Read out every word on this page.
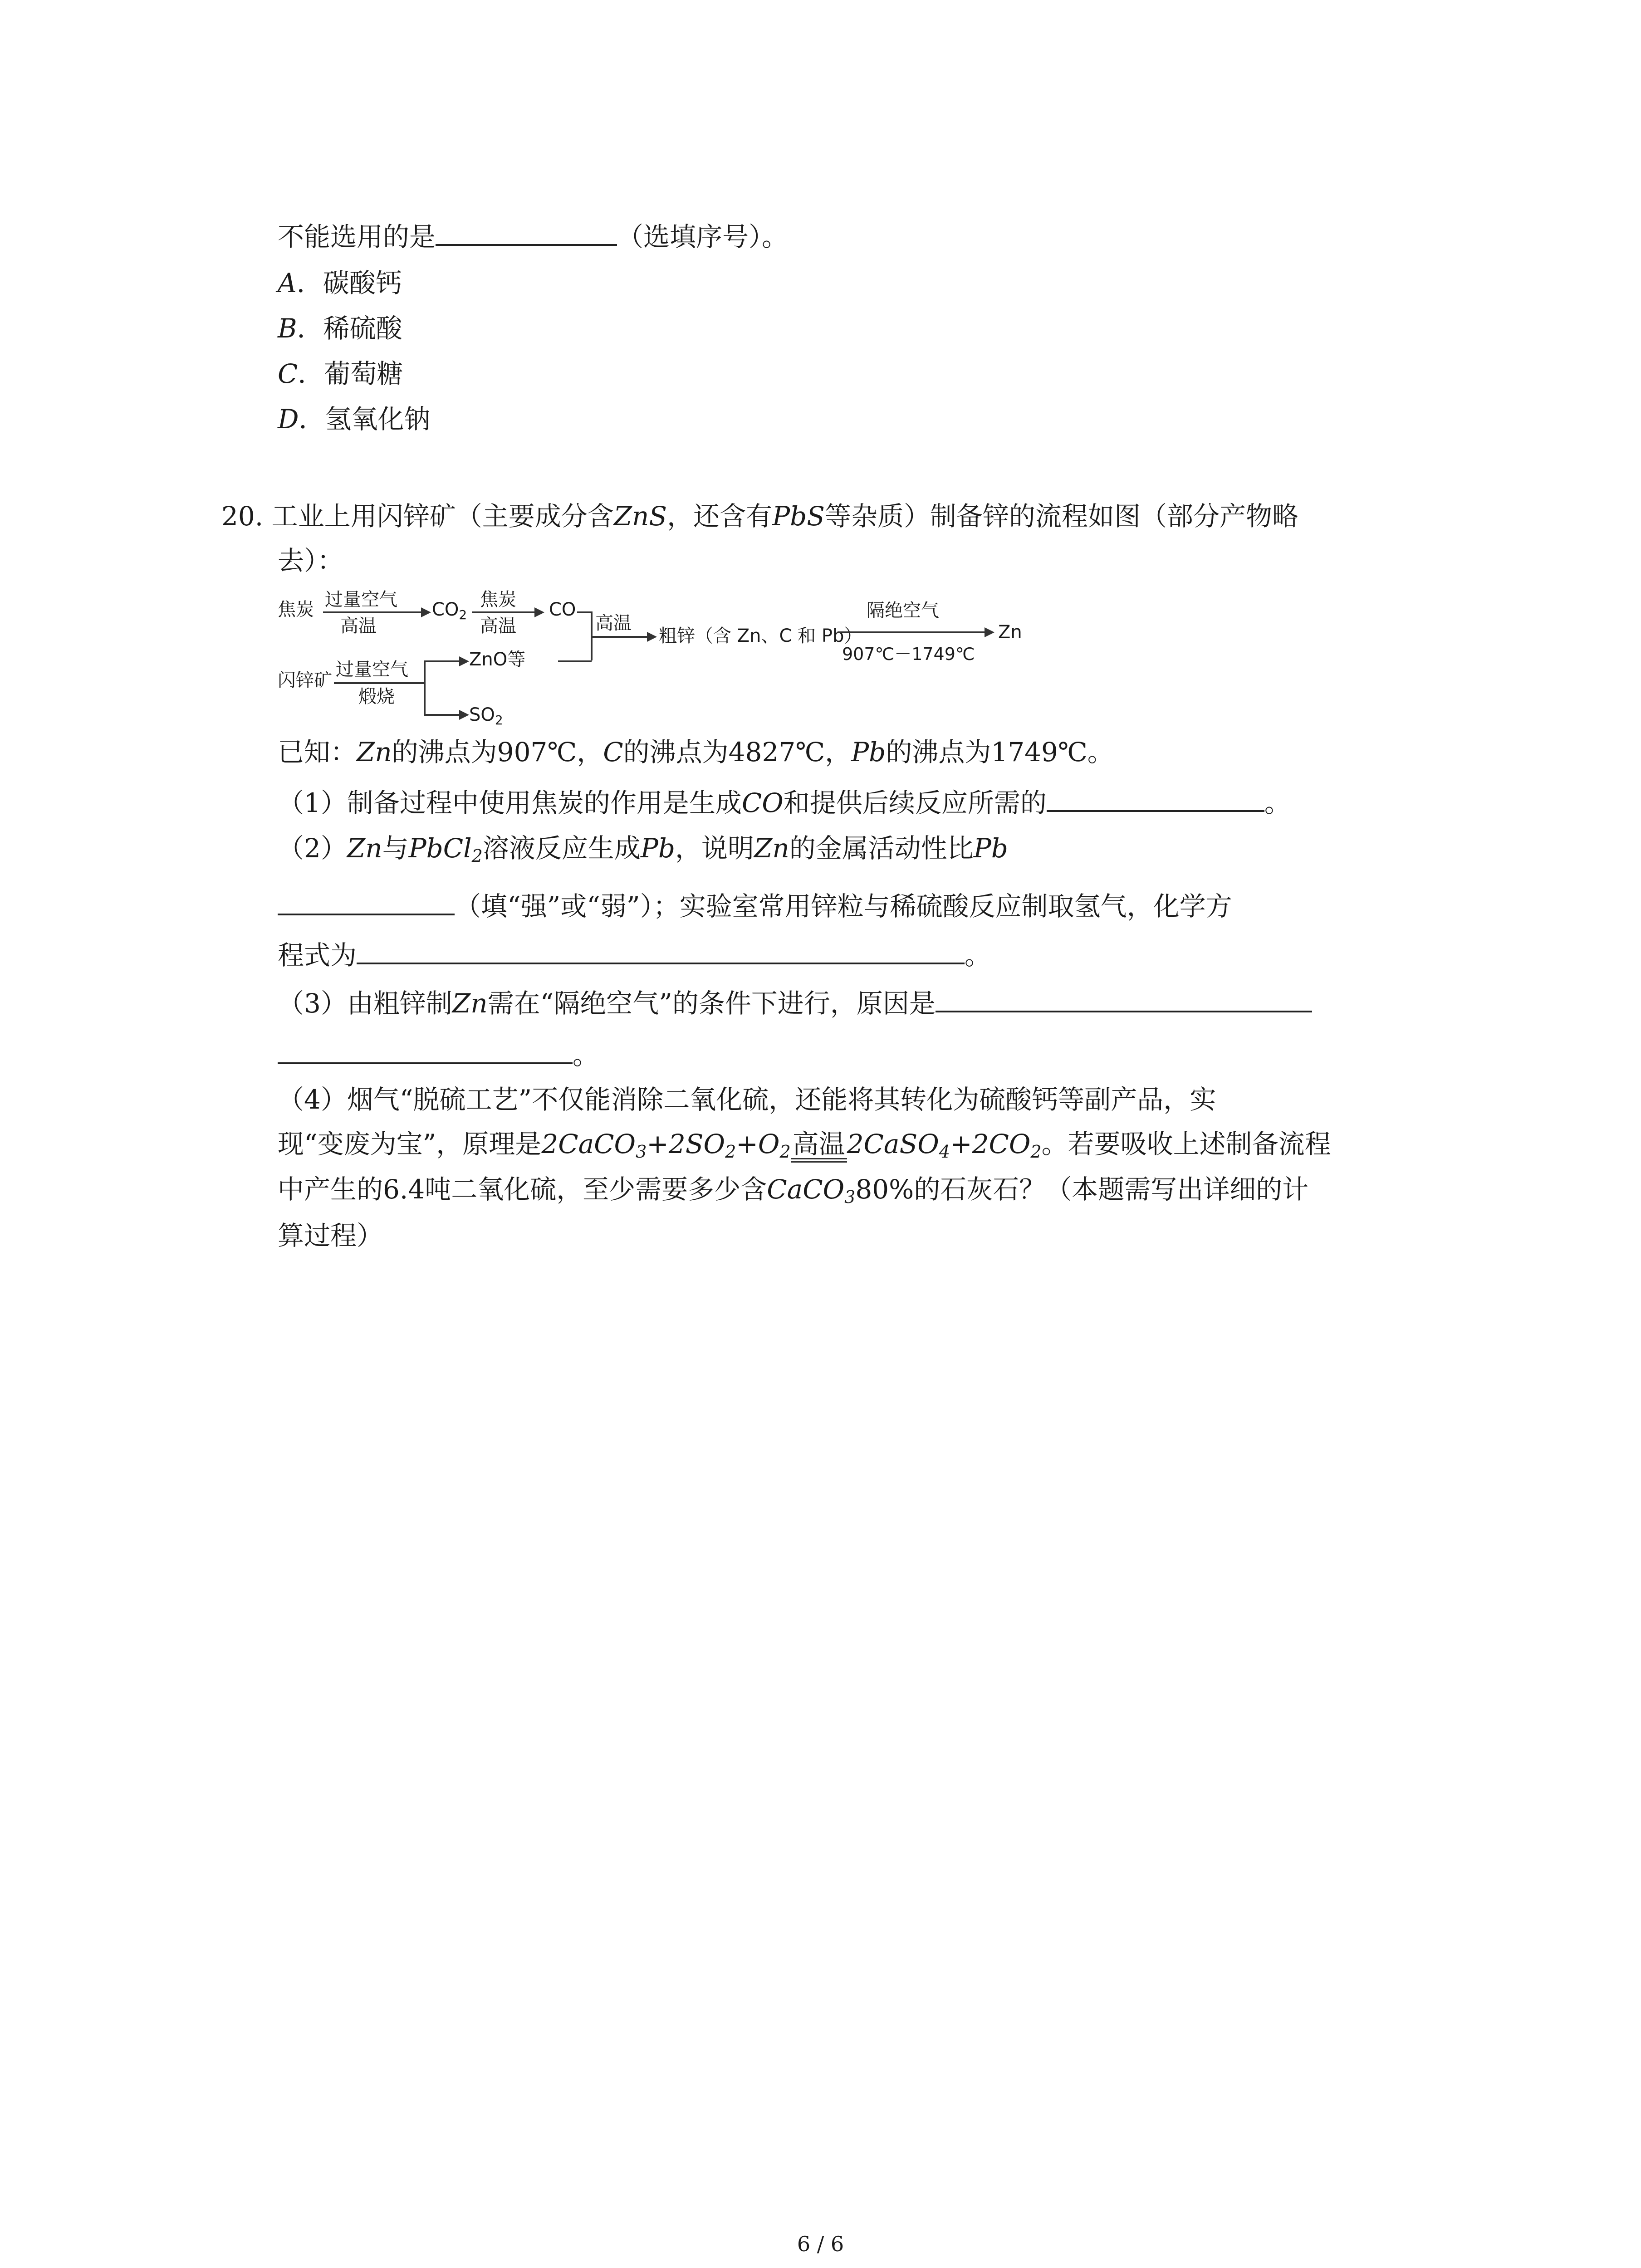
不能选用的是	（选填序号）。
A．碳酸钙
B．稀硫酸
C．葡萄糖
D．氢氧化钠
20. 工业上用闪锌矿（主要成分含ZnS，还含有PbS等杂质）制备锌的流程如图（部分产物略
去）：
焦炭 过量空气
高温
$CO_2$
焦炭
高温
CO
高温
粗锌（含 Zn、C 和 Pb）
隔绝空气
907℃－1749℃
Zn
闪锌矿
过量空气
煅烧
ZnO等
$SO_2$
已知：Zn的沸点为907℃，C的沸点为4827℃，Pb的沸点为1749℃。
（1）制备过程中使用焦炭的作用是生成CO和提供后续反应所需的	。
（2）Zn与PbCl$_2$溶液反应生成Pb，说明Zn的金属活动性比Pb
（填“强”或“弱”）；实验室常用锌粒与稀硫酸反应制取氢气，化学方
程式为	。
（3）由粗锌制Zn需在“隔绝空气”的条件下进行，原因是
。
（4）烟气“脱硫工艺”不仅能消除二氧化硫，还能将其转化为硫酸钙等副产品，实
现“变废为宝”，原理是$2CaCO_3+2SO_2+O_2$高温$2CaSO_4+2CO_2$。若要吸收上述制备流程
中产生的6.4吨二氧化硫，至少需要多少含CaCO$_3$80%的石灰石？（本题需写出详细的计
算过程）
6 / 6
